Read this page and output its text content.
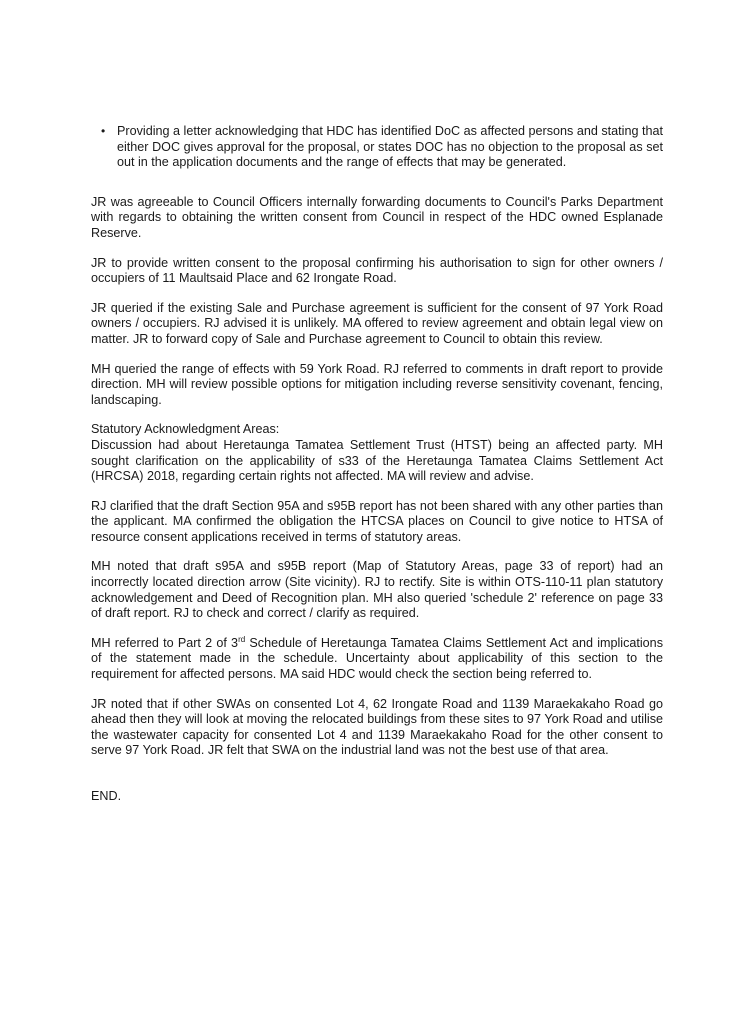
• Providing a letter acknowledging that HDC has identified DoC as affected persons and stating that either DOC gives approval for the proposal, or states DOC has no objection to the proposal as set out in the application documents and the range of effects that may be generated.

JR was agreeable to Council Officers internally forwarding documents to Council's Parks Department with regards to obtaining the written consent from Council in respect of the HDC owned Esplanade Reserve.

JR to provide written consent to the proposal confirming his authorisation to sign for other owners / occupiers of 11 Maultsaid Place and 62 Irongate Road.

JR queried if the existing Sale and Purchase agreement is sufficient for the consent of 97 York Road owners / occupiers. RJ advised it is unlikely. MA offered to review agreement and obtain legal view on matter. JR to forward copy of Sale and Purchase agreement to Council to obtain this review.

MH queried the range of effects with 59 York Road. RJ referred to comments in draft report to provide direction. MH will review possible options for mitigation including reverse sensitivity covenant, fencing, landscaping.

Statutory Acknowledgment Areas:
Discussion had about Heretaunga Tamatea Settlement Trust (HTST) being an affected party. MH sought clarification on the applicability of s33 of the Heretaunga Tamatea Claims Settlement Act (HRCSA) 2018, regarding certain rights not affected. MA will review and advise.

RJ clarified that the draft Section 95A and s95B report has not been shared with any other parties than the applicant. MA confirmed the obligation the HTCSA places on Council to give notice to HTSA of resource consent applications received in terms of statutory areas.

MH noted that draft s95A and s95B report (Map of Statutory Areas, page 33 of report) had an incorrectly located direction arrow (Site vicinity). RJ to rectify. Site is within OTS-110-11 plan statutory acknowledgement and Deed of Recognition plan. MH also queried 'schedule 2' reference on page 33 of draft report. RJ to check and correct / clarify as required.

MH referred to Part 2 of 3rd Schedule of Heretaunga Tamatea Claims Settlement Act and implications of the statement made in the schedule. Uncertainty about applicability of this section to the requirement for affected persons. MA said HDC would check the section being referred to.

JR noted that if other SWAs on consented Lot 4, 62 Irongate Road and 1139 Maraekakaho Road go ahead then they will look at moving the relocated buildings from these sites to 97 York Road and utilise the wastewater capacity for consented Lot 4 and 1139 Maraekakaho Road for the other consent to serve 97 York Road. JR felt that SWA on the industrial land was not the best use of that area.

END.
